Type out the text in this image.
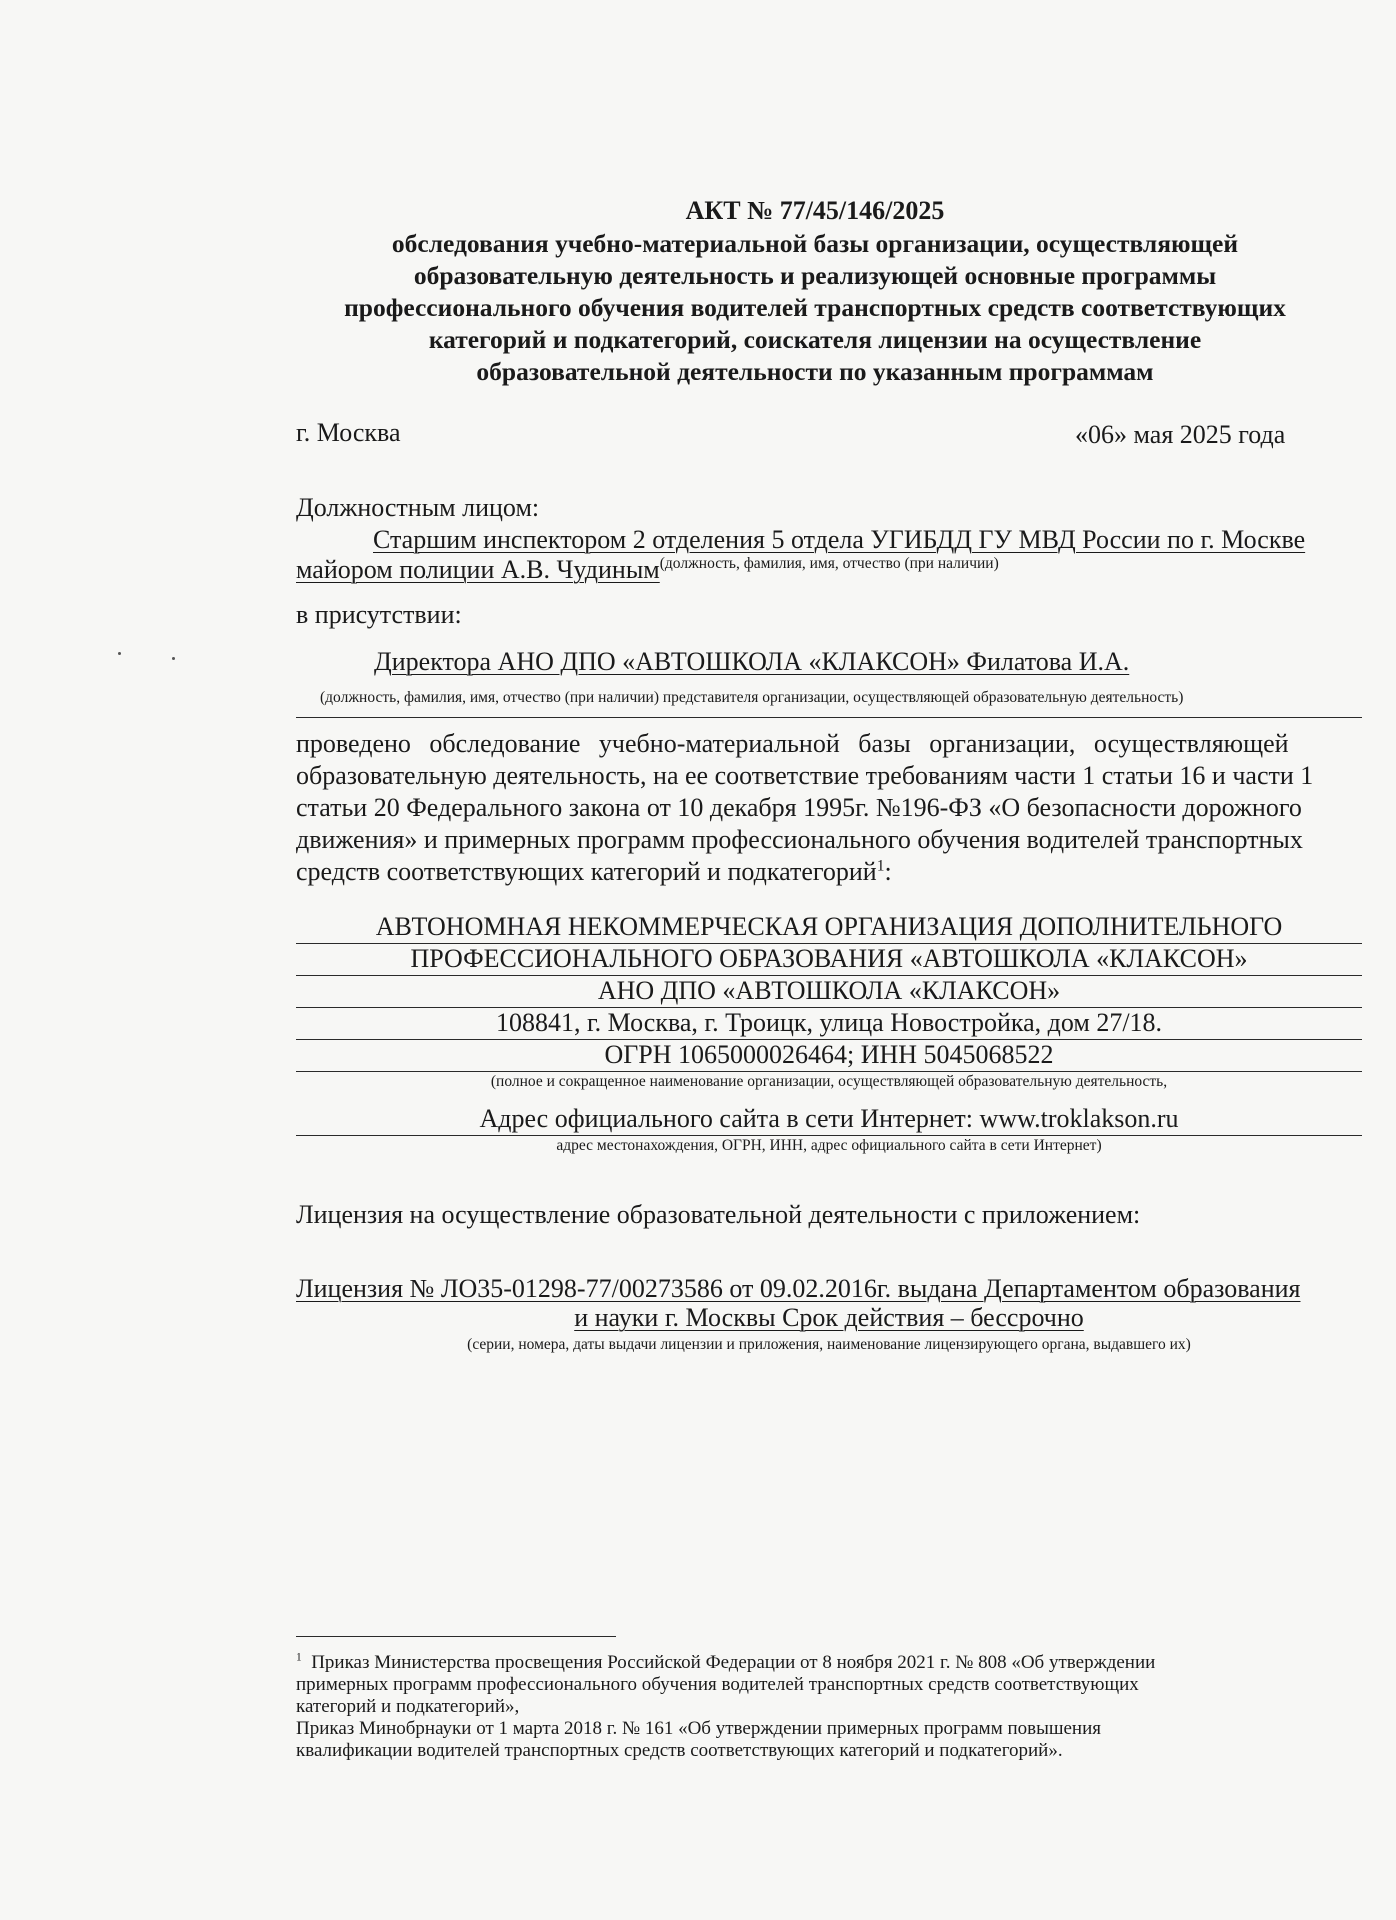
АКТ № 77/45/146/2025
обследования учебно-материальной базы организации, осуществляющей
образовательную деятельность и реализующей основные программы
профессионального обучения водителей транспортных средств соответствующих
категорий и подкатегорий, соискателя лицензии на осуществление
образовательной деятельности по указанным программам
г. Москва	«06» мая 2025 года
Должностным лицом:
Старшим инспектором 2 отделения 5 отдела УГИБДД ГУ МВД России по г. Москве
майором полиции А.В. Чудиным(должность, фамилия, имя, отчество (при наличии)
в присутствии:
Директора АНО ДПО «АВТОШКОЛА «КЛАКСОН» Филатова И.А.
(должность, фамилия, имя, отчество (при наличии) представителя организации, осуществляющей образовательную деятельность)
проведено обследование учебно-материальной базы организации, осуществляющей
образовательную деятельность, на ее соответствие требованиям части 1 статьи 16 и части 1
статьи 20 Федерального закона от 10 декабря 1995г. №196-ФЗ «О безопасности дорожного
движения» и примерных программ профессионального обучения водителей транспортных
средств соответствующих категорий и подкатегорий$^1$:
АВТОНОМНАЯ НЕКОММЕРЧЕСКАЯ ОРГАНИЗАЦИЯ ДОПОЛНИТЕЛЬНОГО
ПРОФЕССИОНАЛЬНОГО ОБРАЗОВАНИЯ «АВТОШКОЛА «КЛАКСОН»
АНО ДПО «АВТОШКОЛА «КЛАКСОН»
108841, г. Москва, г. Троицк, улица Новостройка, дом 27/18.
ОГРН 1065000026464; ИНН 5045068522
(полное и сокращенное наименование организации, осуществляющей образовательную деятельность,
Адрес официального сайта в сети Интернет: www.troklakson.ru
адрес местонахождения, ОГРН, ИНН, адрес официального сайта в сети Интернет)
Лицензия на осуществление образовательной деятельности с приложением:
Лицензия № ЛО35-01298-77/00273586 от 09.02.2016г. выдана Департаментом образования
и науки г. Москвы Срок действия – бессрочно
(серии, номера, даты выдачи лицензии и приложения, наименование лицензирующего органа, выдавшего их)
$^1$ Приказ Министерства просвещения Российской Федерации от 8 ноября 2021 г. № 808 «Об утверждении
примерных программ профессионального обучения водителей транспортных средств соответствующих
категорий и подкатегорий»,
Приказ Минобрнауки от 1 марта 2018 г. № 161 «Об утверждении примерных программ повышения
квалификации водителей транспортных средств соответствующих категорий и подкатегорий».
